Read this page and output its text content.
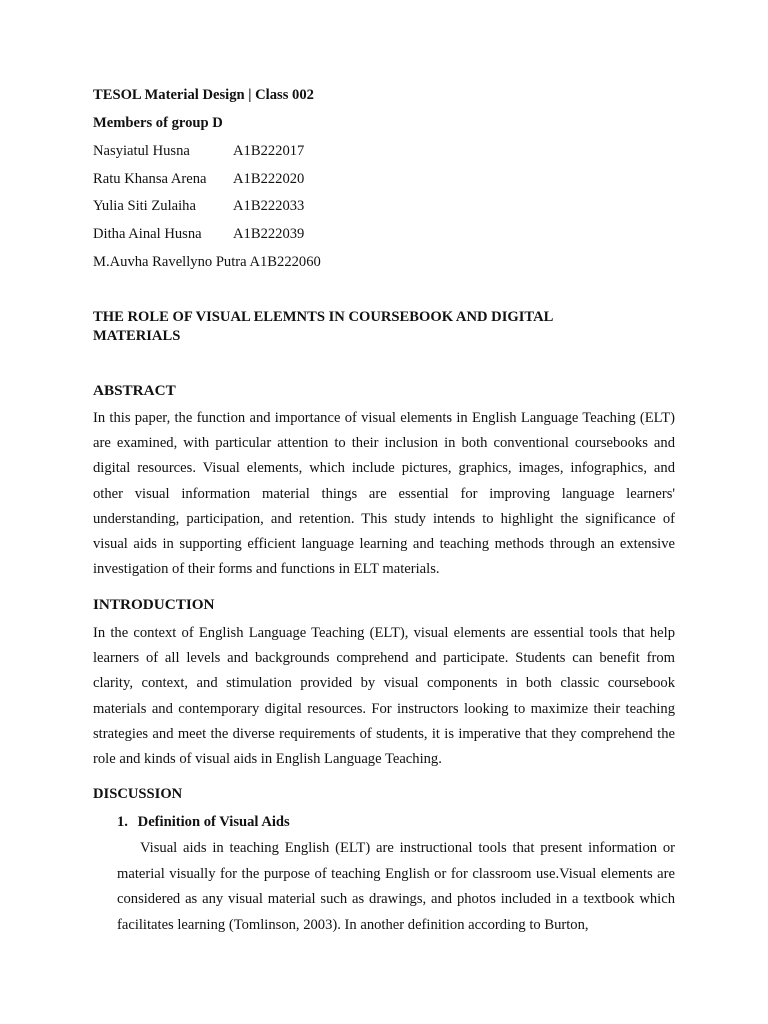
TESOL Material Design | Class 002
Members of group D
Nasyiatul Husna	A1B222017
Ratu Khansa Arena A1B222020
Yulia Siti Zulaiha	A1B222033
Ditha Ainal Husna A1B222039
M.Auvha Ravellyno Putra A1B222060
THE ROLE OF VISUAL ELEMNTS IN COURSEBOOK AND DIGITAL MATERIALS
ABSTRACT

In this paper, the function and importance of visual elements in English Language Teaching (ELT) are examined, with particular attention to their inclusion in both conventional coursebooks and digital resources. Visual elements, which include pictures, graphics, images, infographics, and other visual information material things are essential for improving language learners' understanding, participation, and retention. This study intends to highlight the significance of visual aids in supporting efficient language learning and teaching methods through an extensive investigation of their forms and functions in ELT materials.

INTRODUCTION

In the context of English Language Teaching (ELT), visual elements are essential tools that help learners of all levels and backgrounds comprehend and participate. Students can benefit from clarity, context, and stimulation provided by visual components in both classic coursebook materials and contemporary digital resources. For instructors looking to maximize their teaching strategies and meet the diverse requirements of students, it is imperative that they comprehend the role and kinds of visual aids in English Language Teaching.

DISCUSSION
1. Definition of Visual Aids

Visual aids in teaching English (ELT) are instructional tools that present information or material visually for the purpose of teaching English or for classroom use.Visual elements are considered as any visual material such as drawings, and photos included in a textbook which facilitates learning (Tomlinson, 2003). In another definition according to Burton,
